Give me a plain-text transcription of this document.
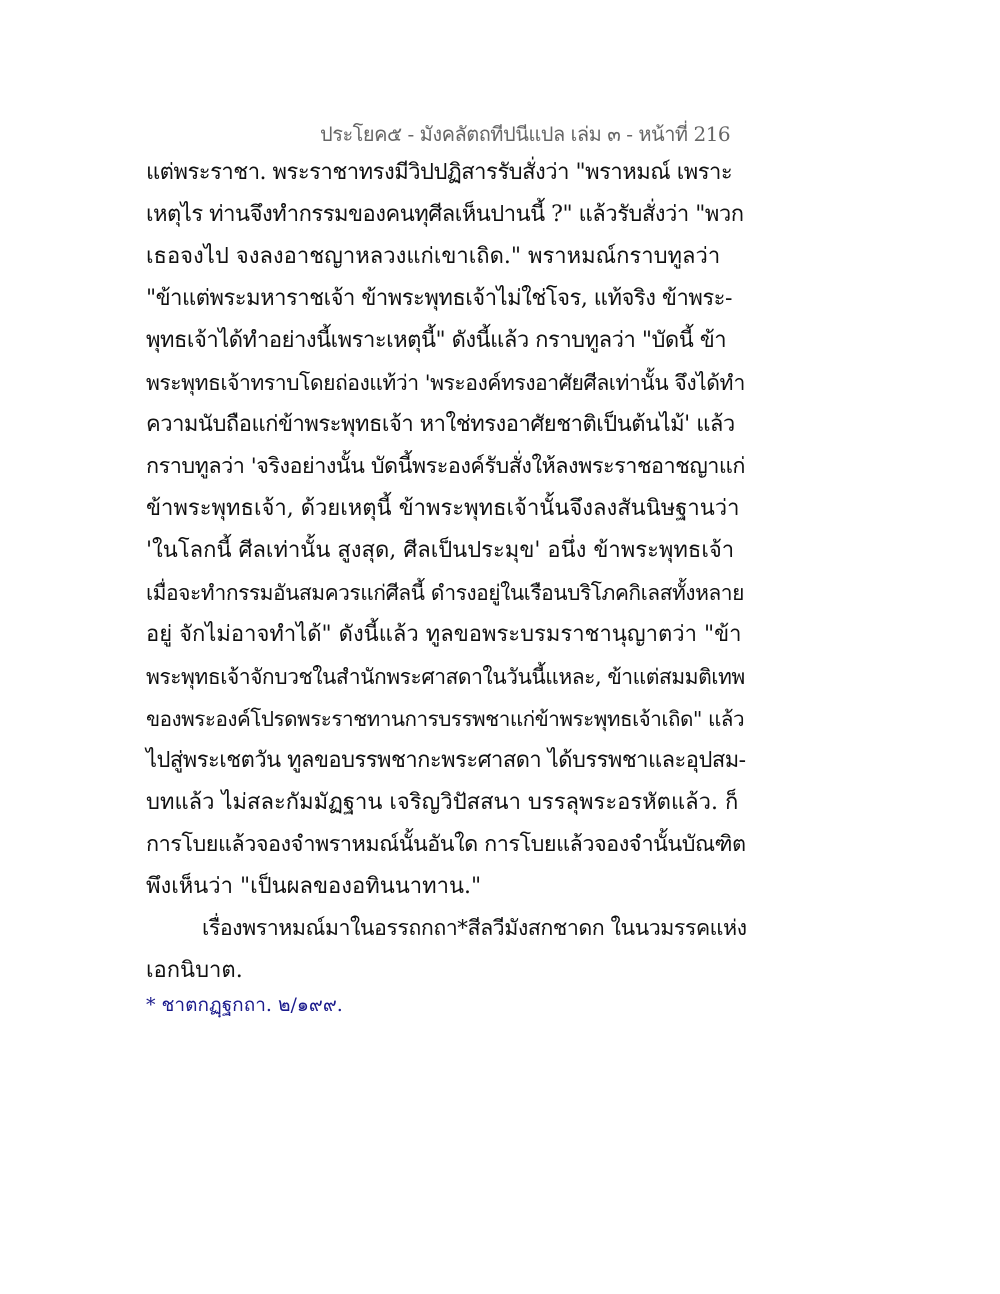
ประโยค๕ - มังคลัตถทีปนีแปล เล่ม ๓ - หน้าที่ 216
แต่พระราชา. พระราชาทรงมีวิปปฏิสารรับสั่งว่า "พราหมณ์ เพราะ
เหตุไร ท่านจึงทำกรรมของคนทุศีลเห็นปานนี้ ?" แล้วรับสั่งว่า "พวก
เธอจงไป จงลงอาชญาหลวงแก่เขาเถิด." พราหมณ์กราบทูลว่า
"ข้าแต่พระมหาราชเจ้า ข้าพระพุทธเจ้าไม่ใช่โจร, แท้จริง ข้าพระ-
พุทธเจ้าได้ทำอย่างนี้เพราะเหตุนี้" ดังนี้แล้ว กราบทูลว่า "บัดนี้ ข้า
พระพุทธเจ้าทราบโดยถ่องแท้ว่า 'พระองค์ทรงอาศัยศีลเท่านั้น จึงได้ทำ
ความนับถือแก่ข้าพระพุทธเจ้า หาใช่ทรงอาศัยชาติเป็นต้นไม้' แล้ว
กราบทูลว่า 'จริงอย่างนั้น บัดนี้พระองค์รับสั่งให้ลงพระราชอาชญาแก่
ข้าพระพุทธเจ้า, ด้วยเหตุนี้ ข้าพระพุทธเจ้านั้นจึงลงสันนิษฐานว่า
'ในโลกนี้ ศีลเท่านั้น สูงสุด, ศีลเป็นประมุข' อนึ่ง ข้าพระพุทธเจ้า
เมื่อจะทำกรรมอันสมควรแก่ศีลนี้ ดำรงอยู่ในเรือนบริโภคกิเลสทั้งหลาย
อยู่ จักไม่อาจทำได้" ดังนี้แล้ว ทูลขอพระบรมราชานุญาตว่า "ข้า
พระพุทธเจ้าจักบวชในสำนักพระศาสดาในวันนี้แหละ, ข้าแต่สมมติเทพ
ของพระองค์โปรดพระราชทานการบรรพชาแก่ข้าพระพุทธเจ้าเถิด" แล้ว
ไปสู่พระเชตวัน ทูลขอบรรพชากะพระศาสดา ได้บรรพชาและอุปสม-
บทแล้ว ไม่สละกัมมัฏฐาน เจริญวิปัสสนา บรรลุพระอรหัตแล้ว. ก็
การโบยแล้วจองจำพราหมณ์นั้นอันใด การโบยแล้วจองจำนั้นบัณฑิต
พึงเห็นว่า "เป็นผลของอทินนาทาน."
เรื่องพราหมณ์มาในอรรถกถา*สีลวีมังสกชาดก ในนวมรรคแห่ง
เอกนิบาต.
* ชาตกฏฺฐกถา. ๒/๑๙๙.
